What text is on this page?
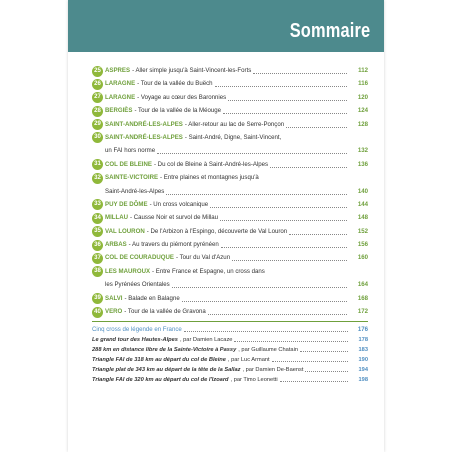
Sommaire
25 ASPRES - Aller simple jusqu'à Saint-Vincent-les-Forts	112
26 LARAGNE - Tour de la vallée du Buëch	116
27 LARAGNE - Voyage au cœur des Baronnies	120
28 BERGIÈS - Tour de la vallée de la Méouge	124
29 SAINT-ANDRÉ-LES-ALPES - Aller-retour au lac de Serre-Ponçon	128
30 SAINT-ANDRÉ-LES-ALPES - Saint-André, Digne, Saint-Vincent,
un FAI hors norme	132
31 COL DE BLEINE - Du col de Bleine à Saint-André-les-Alpes	136
32 SAINTE-VICTOIRE - Entre plaines et montagnes jusqu'à
Saint-André-les-Alpes	140
33 PUY DE DÔME - Un cross volcanique	144
34 MILLAU - Causse Noir et survol de Millau	148
35 VAL LOURON - De l'Arbizon à l'Espingo, découverte de Val Louron	152
36 ARBAS - Au travers du piémont pyrénéen	156
37 COL DE COURADUQUE - Tour du Val d'Azun	160
38 LES MAUROUX - Entre France et Espagne, un cross dans
les Pyrénées Orientales	164
39 SALVI - Balade en Balagne	168
40 VERO - Tour de la vallée de Gravona	172
Cinq cross de légende en France	176
Le grand tour des Hautes-Alpes , par Damien Lacaze	178
288 km en distance libre de la Sainte-Victoire à Passy , par Guillaume Chatain	183
Triangle FAI de 318 km au départ du col de Bleine , par Luc Armant	190
Triangle plat de 343 km au départ de la tête de la Sallaz , par Damien De-Baenst	194
Triangle FAI de 320 km au départ du col de l'Izoard , par Timo Leonetti	198
